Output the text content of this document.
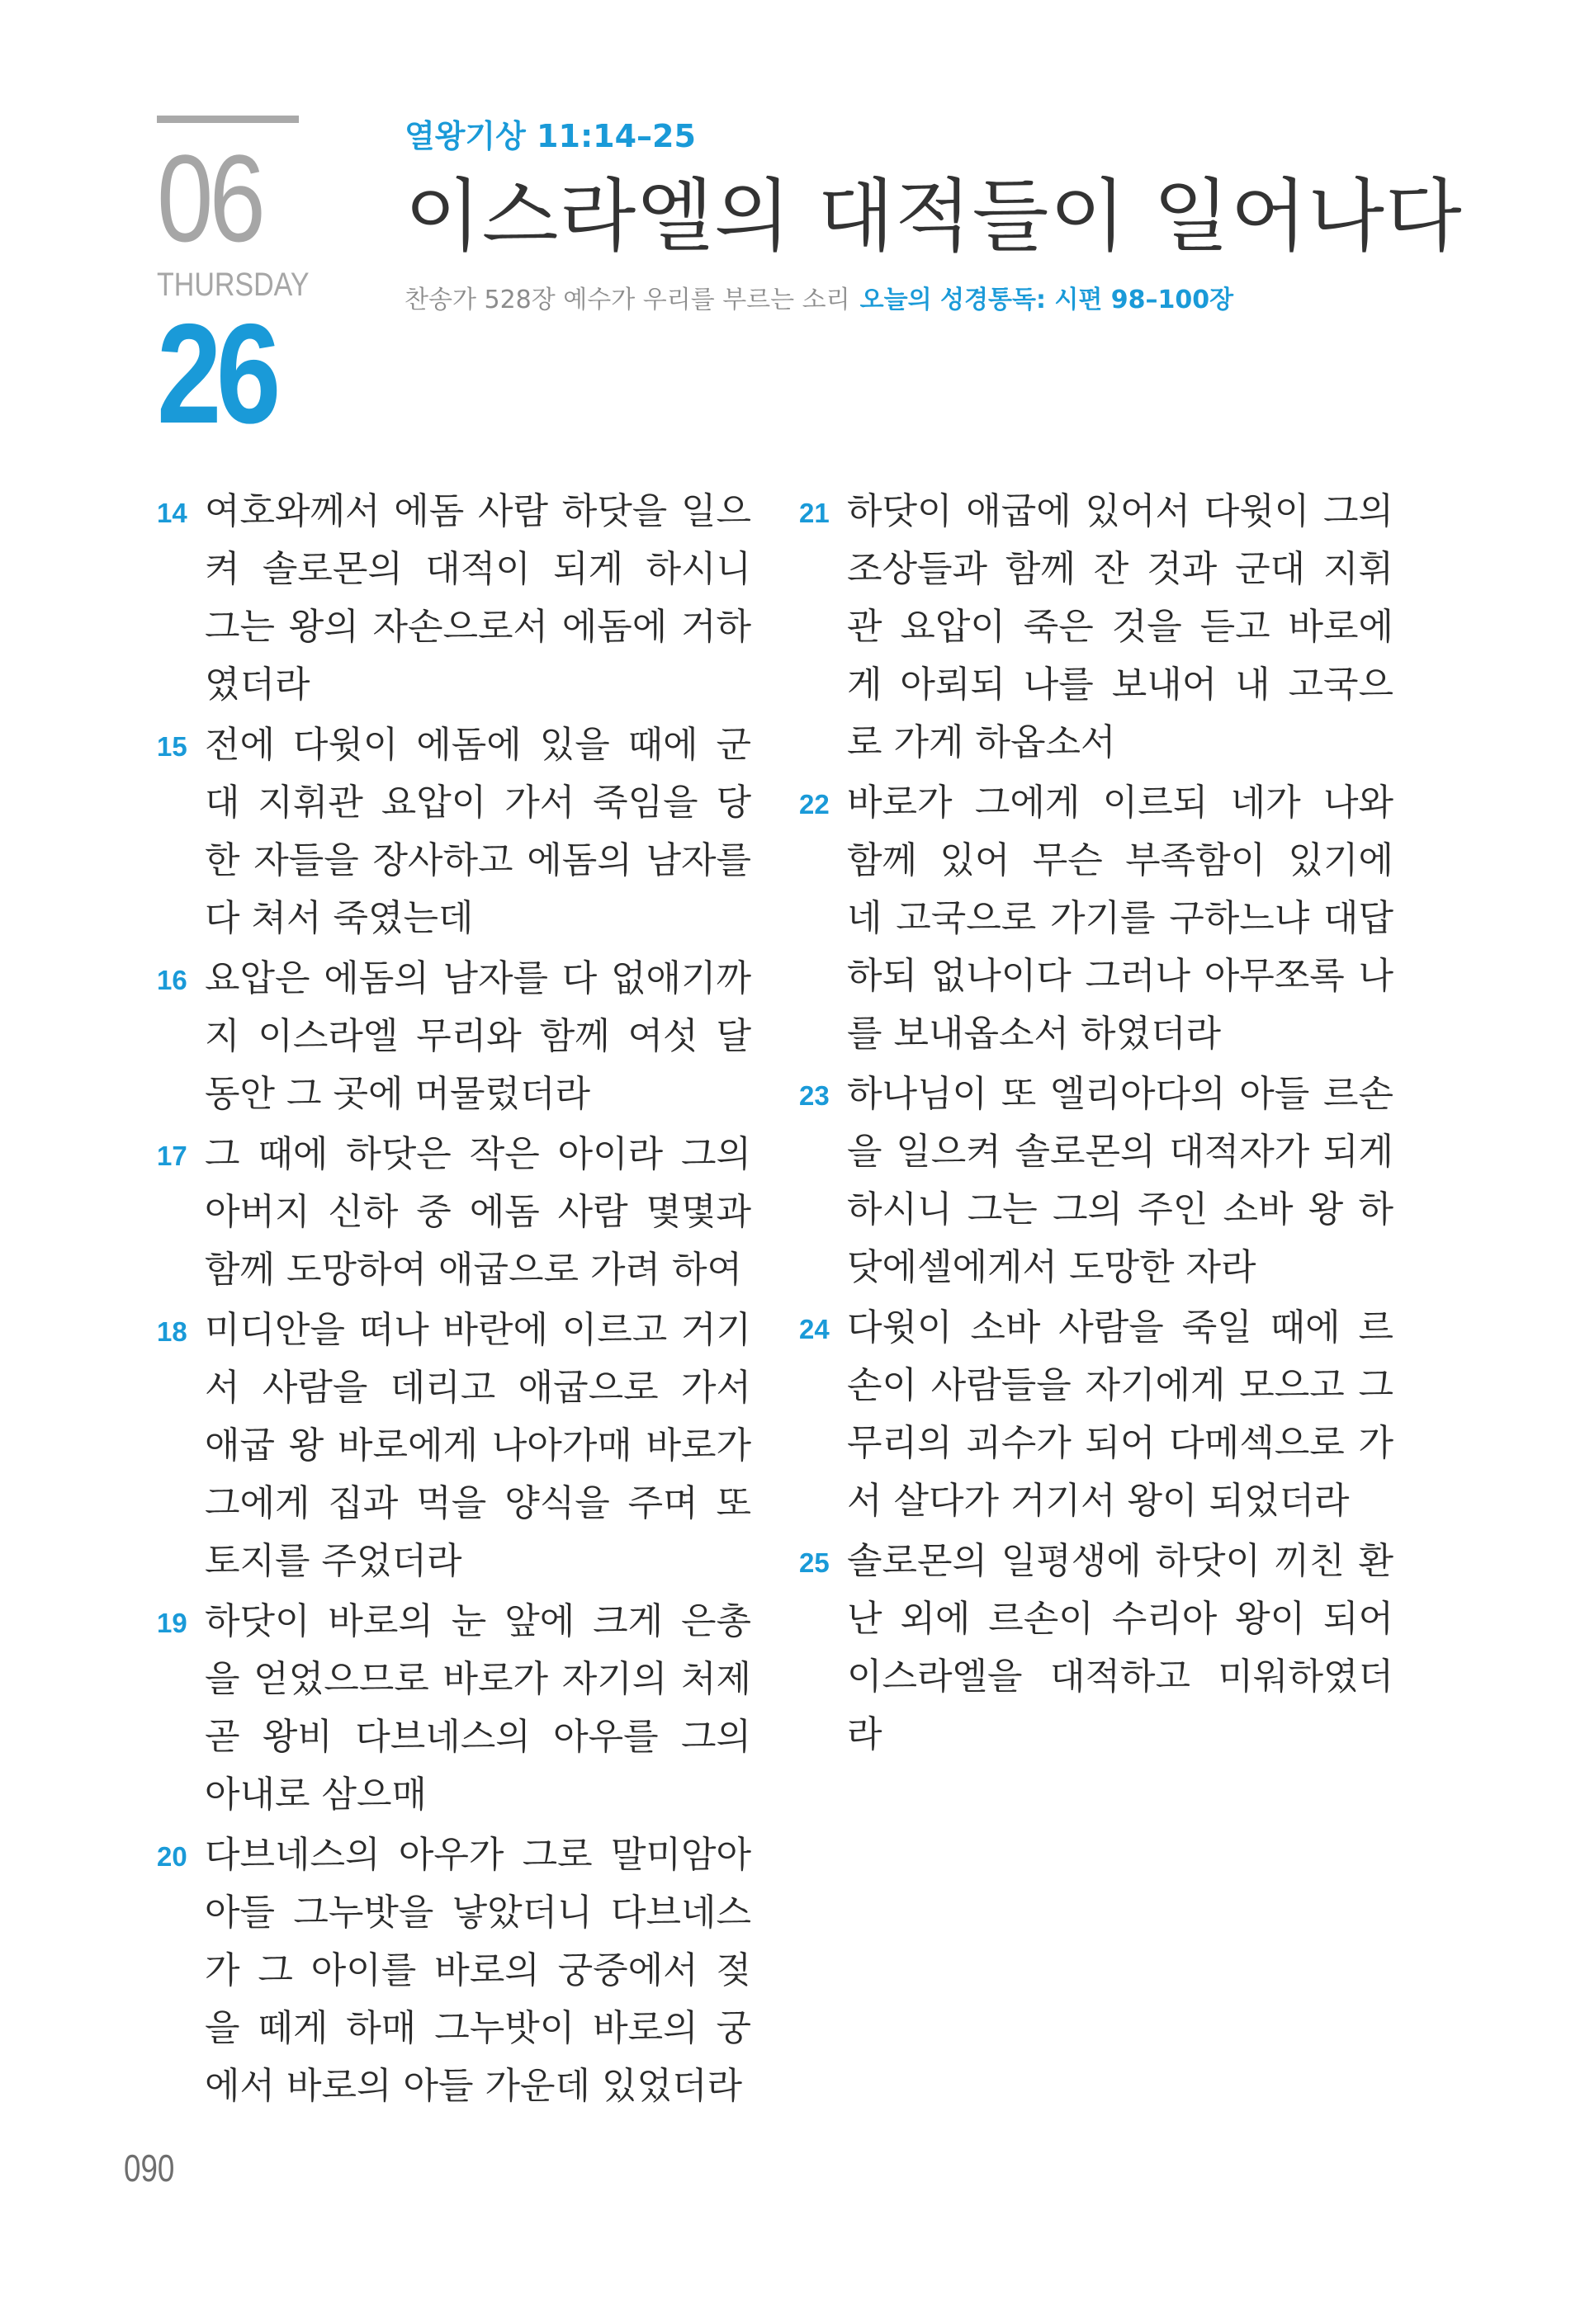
06
THURSDAY
26
열왕기상 11:14–25
이스라엘의 대적들이 일어나다
찬송가 528장 예수가 우리를 부르는 소리 오늘의 성경통독: 시편 98–100장
14 여호와께서 에돔 사람 하닷을 일으켜 솔로몬의 대적이 되게 하시니 그는 왕의 자손으로서 에돔에 거하였더라
15 전에 다윗이 에돔에 있을 때에 군대 지휘관 요압이 가서 죽임을 당한 자들을 장사하고 에돔의 남자를 다 쳐서 죽였는데
16 요압은 에돔의 남자를 다 없애기까지 이스라엘 무리와 함께 여섯 달 동안 그 곳에 머물렀더라
17 그 때에 하닷은 작은 아이라 그의 아버지 신하 중 에돔 사람 몇몇과 함께 도망하여 애굽으로 가려 하여
18 미디안을 떠나 바란에 이르고 거기서 사람을 데리고 애굽으로 가서 애굽 왕 바로에게 나아가매 바로가 그에게 집과 먹을 양식을 주며 또 토지를 주었더라
19 하닷이 바로의 눈 앞에 크게 은총을 얻었으므로 바로가 자기의 처제 곧 왕비 다브네스의 아우를 그의 아내로 삼으매
20 다브네스의 아우가 그로 말미암아 아들 그누밧을 낳았더니 다브네스가 그 아이를 바로의 궁중에서 젖을 떼게 하매 그누밧이 바로의 궁에서 바로의 아들 가운데 있었더라
21 하닷이 애굽에 있어서 다윗이 그의 조상들과 함께 잔 것과 군대 지휘관 요압이 죽은 것을 듣고 바로에게 아뢰되 나를 보내어 내 고국으로 가게 하옵소서
22 바로가 그에게 이르되 네가 나와 함께 있어 무슨 부족함이 있기에 네 고국으로 가기를 구하느냐 대답하되 없나이다 그러나 아무쪼록 나를 보내옵소서 하였더라
23 하나님이 또 엘리아다의 아들 르손을 일으켜 솔로몬의 대적자가 되게 하시니 그는 그의 주인 소바 왕 하닷에셀에게서 도망한 자라
24 다윗이 소바 사람을 죽일 때에 르손이 사람들을 자기에게 모으고 그 무리의 괴수가 되어 다메섹으로 가서 살다가 거기서 왕이 되었더라
25 솔로몬의 일평생에 하닷이 끼친 환난 외에 르손이 수리아 왕이 되어 이스라엘을 대적하고 미워하였더라
090
